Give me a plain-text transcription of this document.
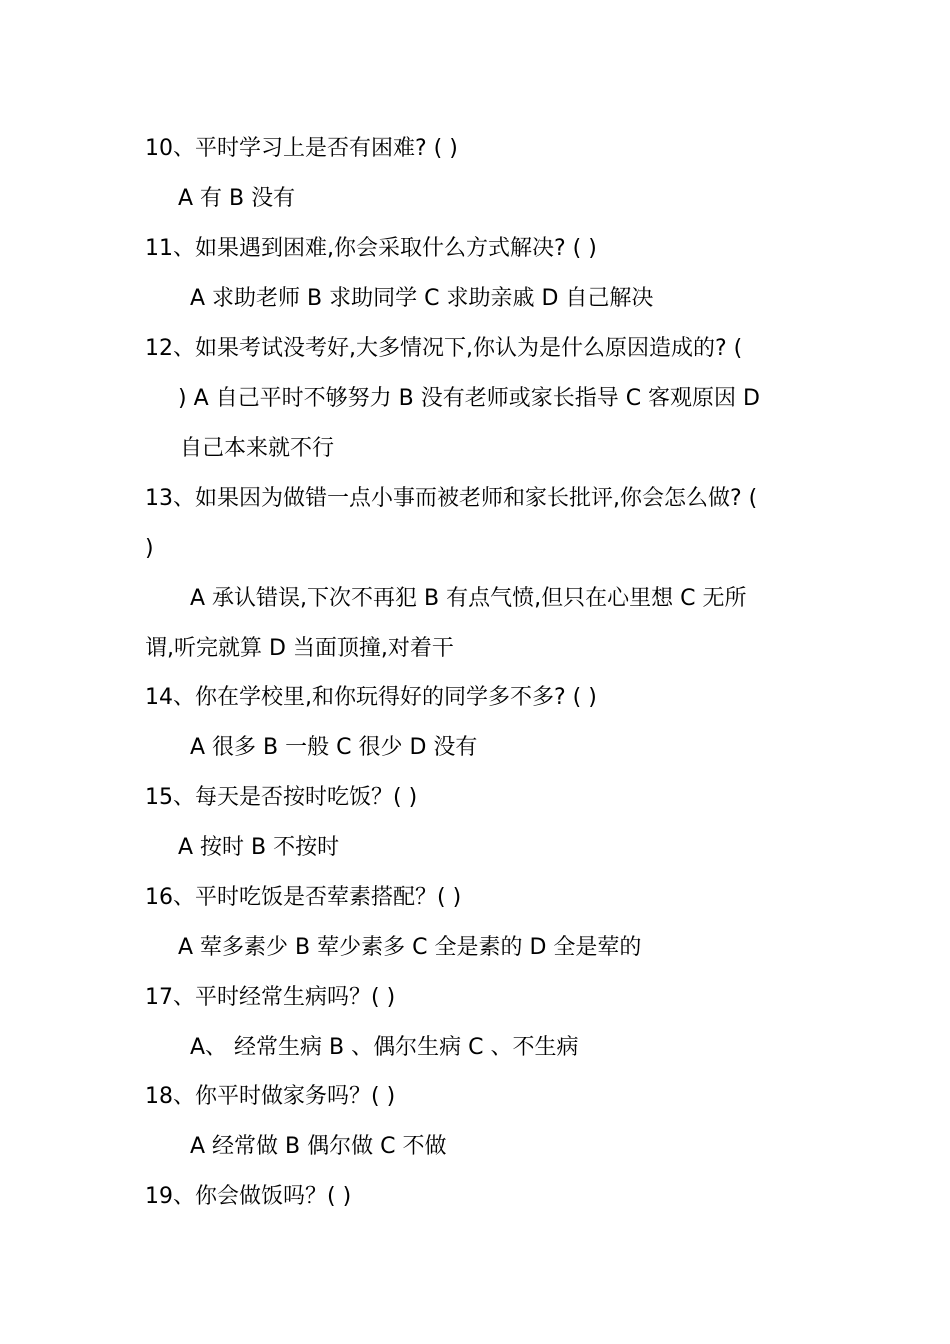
10、平时学习上是否有困难? ( )
A 有 B 没有
11、如果遇到困难,你会采取什么方式解决? ( )
A 求助老师 B 求助同学 C 求助亲戚 D 自己解决
12、如果考试没考好,大多情况下,你认为是什么原因造成的? (
) A 自己平时不够努力 B 没有老师或家长指导 C 客观原因 D
自己本来就不行
13、如果因为做错一点小事而被老师和家长批评,你会怎么做? (
)
A 承认错误,下次不再犯 B 有点气愤,但只在心里想 C 无所
谓,听完就算 D 当面顶撞,对着干
14、你在学校里,和你玩得好的同学多不多? ( )
A 很多 B 一般 C 很少 D 没有
15、每天是否按时吃饭？( )
A 按时 B 不按时
16、平时吃饭是否荤素搭配？( )
A 荤多素少 B 荤少素多 C 全是素的 D 全是荤的
17、平时经常生病吗？( )
A、 经常生病 B 、偶尔生病 C 、不生病
18、你平时做家务吗？( )
A 经常做 B 偶尔做 C 不做
19、你会做饭吗？( )
